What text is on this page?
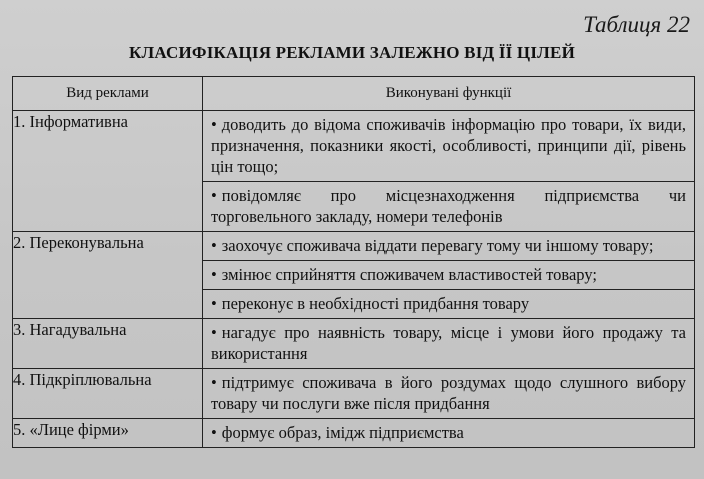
Таблиця 22
КЛАСИФІКАЦІЯ РЕКЛАМИ ЗАЛЕЖНО ВІД ЇЇ ЦІЛЕЙ
Вид реклами	Виконувані функції
1. Інформативна	• доводить до відома споживачів інформацію про товари, їх види, призначення, показники якості, особливості, принципи дії, рівень цін тощо;
• повідомляє про місцезнаходження підприємства чи торговельного закладу, номери телефонів

2. Переконувальна	• заохочує споживача віддати перевагу тому чи іншому товару;
• змінює сприйняття споживачем властивостей товару;
• переконує в необхідності придбання товару

3. Нагадувальна	• нагадує про наявність товару, місце і умови його продажу та використання

4. Підкріплювальна	• підтримує споживача в його роздумах щодо слушного вибору товару чи послуги вже після придбання

5. «Лице фірми»	• формує образ, імідж підприємства
